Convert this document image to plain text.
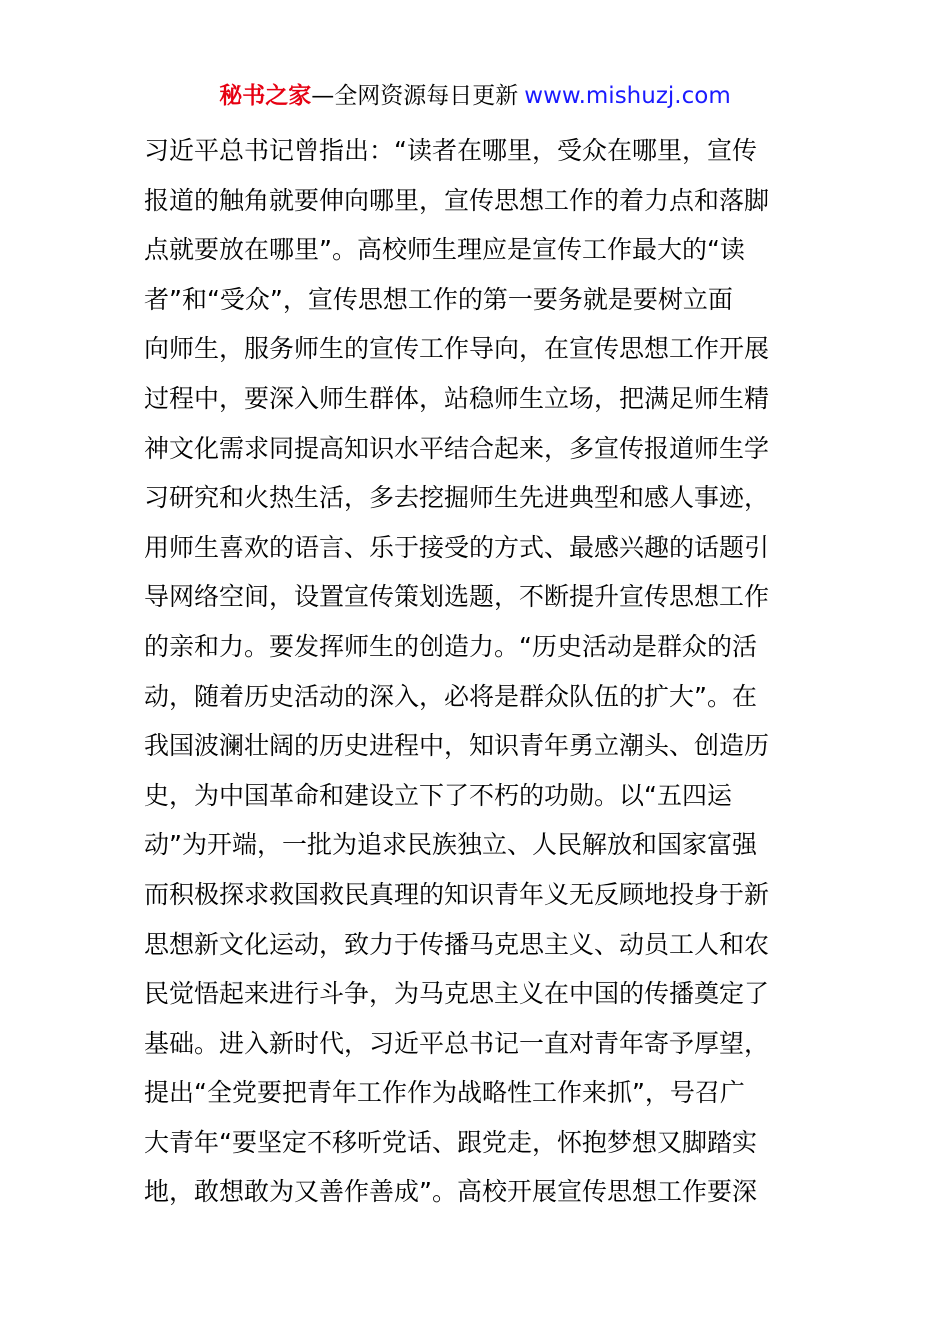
秘书之家—全网资源每日更新 www.mishuzj.com
习近平总书记曾指出：“读者在哪里，受众在哪里，宣传
报道的触角就要伸向哪里，宣传思想工作的着力点和落脚
点就要放在哪里”。高校师生理应是宣传工作最大的“读
者”和“受众”，宣传思想工作的第一要务就是要树立面
向师生，服务师生的宣传工作导向，在宣传思想工作开展
过程中，要深入师生群体，站稳师生立场，把满足师生精
神文化需求同提高知识水平结合起来，多宣传报道师生学
习研究和火热生活，多去挖掘师生先进典型和感人事迹，
用师生喜欢的语言、乐于接受的方式、最感兴趣的话题引
导网络空间，设置宣传策划选题，不断提升宣传思想工作
的亲和力。要发挥师生的创造力。“历史活动是群众的活
动，随着历史活动的深入，必将是群众队伍的扩大”。在
我国波澜壮阔的历史进程中，知识青年勇立潮头、创造历
史，为中国革命和建设立下了不朽的功勋。以“五四运
动”为开端，一批为追求民族独立、人民解放和国家富强
而积极探求救国救民真理的知识青年义无反顾地投身于新
思想新文化运动，致力于传播马克思主义、动员工人和农
民觉悟起来进行斗争，为马克思主义在中国的传播奠定了
基础。进入新时代，习近平总书记一直对青年寄予厚望，
提出“全党要把青年工作作为战略性工作来抓”，号召广
大青年“要坚定不移听党话、跟党走，怀抱梦想又脚踏实
地，敢想敢为又善作善成”。高校开展宣传思想工作要深
